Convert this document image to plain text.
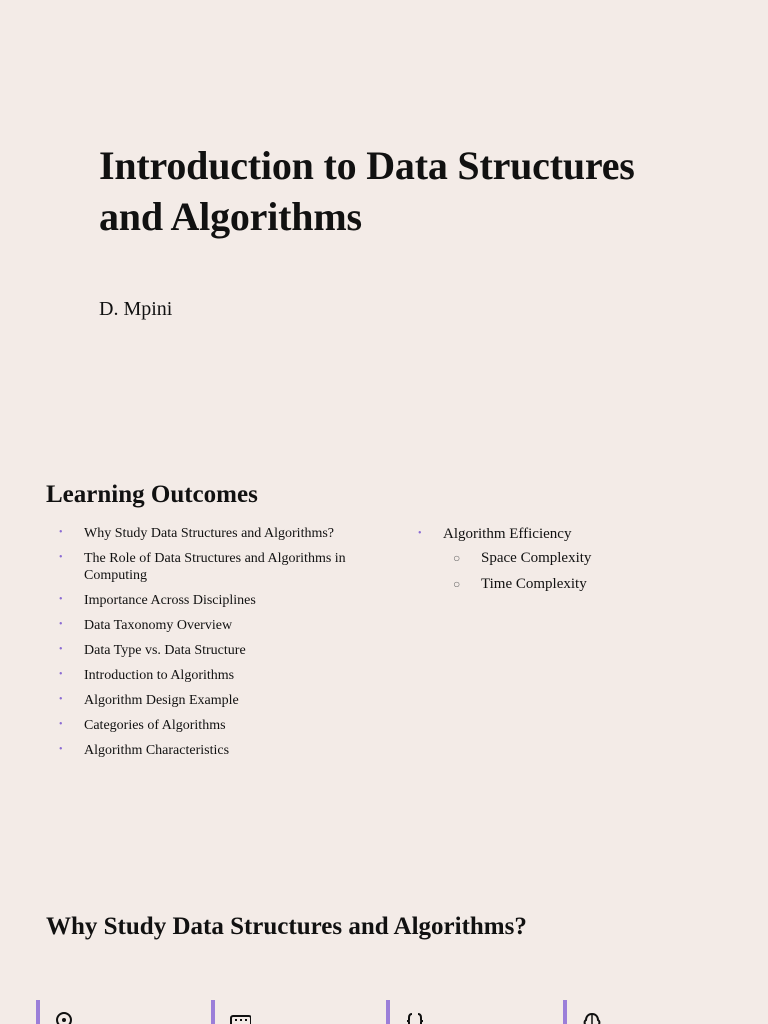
Introduction to Data Structures and Algorithms
D. Mpini
Learning Outcomes
• Why Study Data Structures and Algorithms?
• The Role of Data Structures and Algorithms in Computing
• Importance Across Disciplines
• Data Taxonomy Overview
• Data Type vs. Data Structure
• Introduction to Algorithms
• Algorithm Design Example
• Categories of Algorithms
• Algorithm Characteristics
• Algorithm Efficiency
○ Space Complexity
○ Time Complexity
Why Study Data Structures and Algorithms?
